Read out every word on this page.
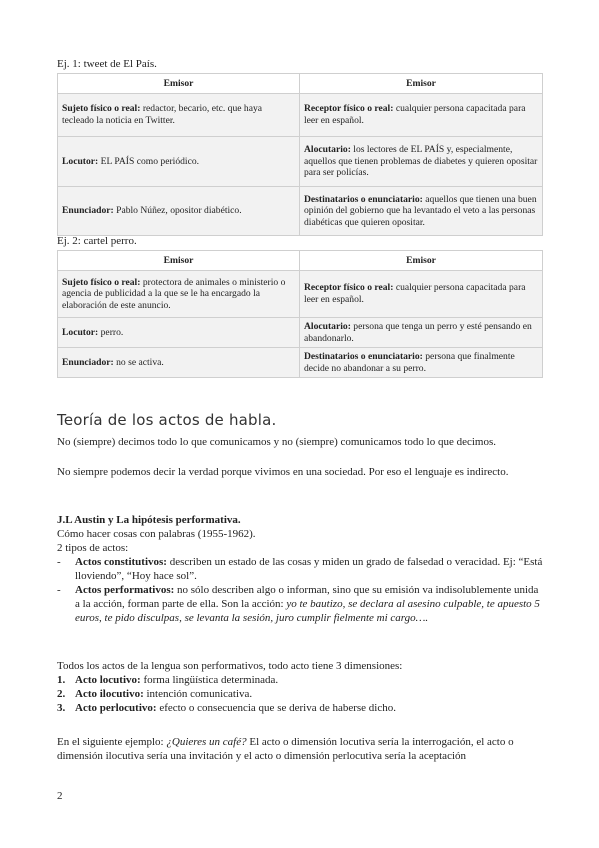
Ej. 1: tweet de El País.
Emisor	Emisor
Sujeto físico o real: redactor, becario, etc. que haya tecleado la noticia en Twitter.	Receptor físico o real: cualquier persona capacitada para leer en español.
Locutor: EL PAÍS como periódico.	Alocutario: los lectores de EL PAÍS y, especialmente, aquellos que tienen problemas de diabetes y quieren opositar para ser policías.
Enunciador: Pablo Núñez, opositor diabético.	Destinatarios o enunciatario: aquellos que tienen una buen opinión del gobierno que ha levantado el veto a las personas diabéticas que quieren opositar.
Ej. 2: cartel perro.
Emisor	Emisor
Sujeto físico o real: protectora de animales o ministerio o agencia de publicidad a la que se le ha encargado la elaboración de este anuncio.	Receptor físico o real: cualquier persona capacitada para leer en español.
Locutor: perro.	Alocutario: persona que tenga un perro y esté pensando en abandonarlo.
Enunciador: no se activa.	Destinatarios o enunciatario: persona que finalmente decide no abandonar a su perro.
Teoría de los actos de habla.
No (siempre) decimos todo lo que comunicamos y no (siempre) comunicamos todo lo que decimos.
No siempre podemos decir la verdad porque vivimos en una sociedad. Por eso el lenguaje es indirecto.

J.L Austin y La hipótesis performativa.

Cómo hacer cosas con palabras (1955-1962).

2 tipos de actos:

- Actos constitutivos: describen un estado de las cosas y miden un grado de falsedad o veracidad. Ej: “Está lloviendo”, “Hoy hace sol”.
- Actos performativos: no sólo describen algo o informan, sino que su emisión va indisolublemente unida a la acción, forman parte de ella. Son la acción: yo te bautizo, se declara al asesino culpable, te apuesto 5 euros, te pido disculpas, se levanta la sesión, juro cumplir fielmente mi cargo….

Todos los actos de la lengua son performativos, todo acto tiene 3 dimensiones:

1. Acto locutivo: forma lingüística determinada.
2. Acto ilocutivo: intención comunicativa.
3. Acto perlocutivo: efecto o consecuencia que se deriva de haberse dicho.
En el siguiente ejemplo: ¿Quieres un café? El acto o dimensión locutiva sería la interrogación, el acto o dimensión ilocutiva sería una invitación y el acto o dimensión perlocutiva sería la aceptación
2
